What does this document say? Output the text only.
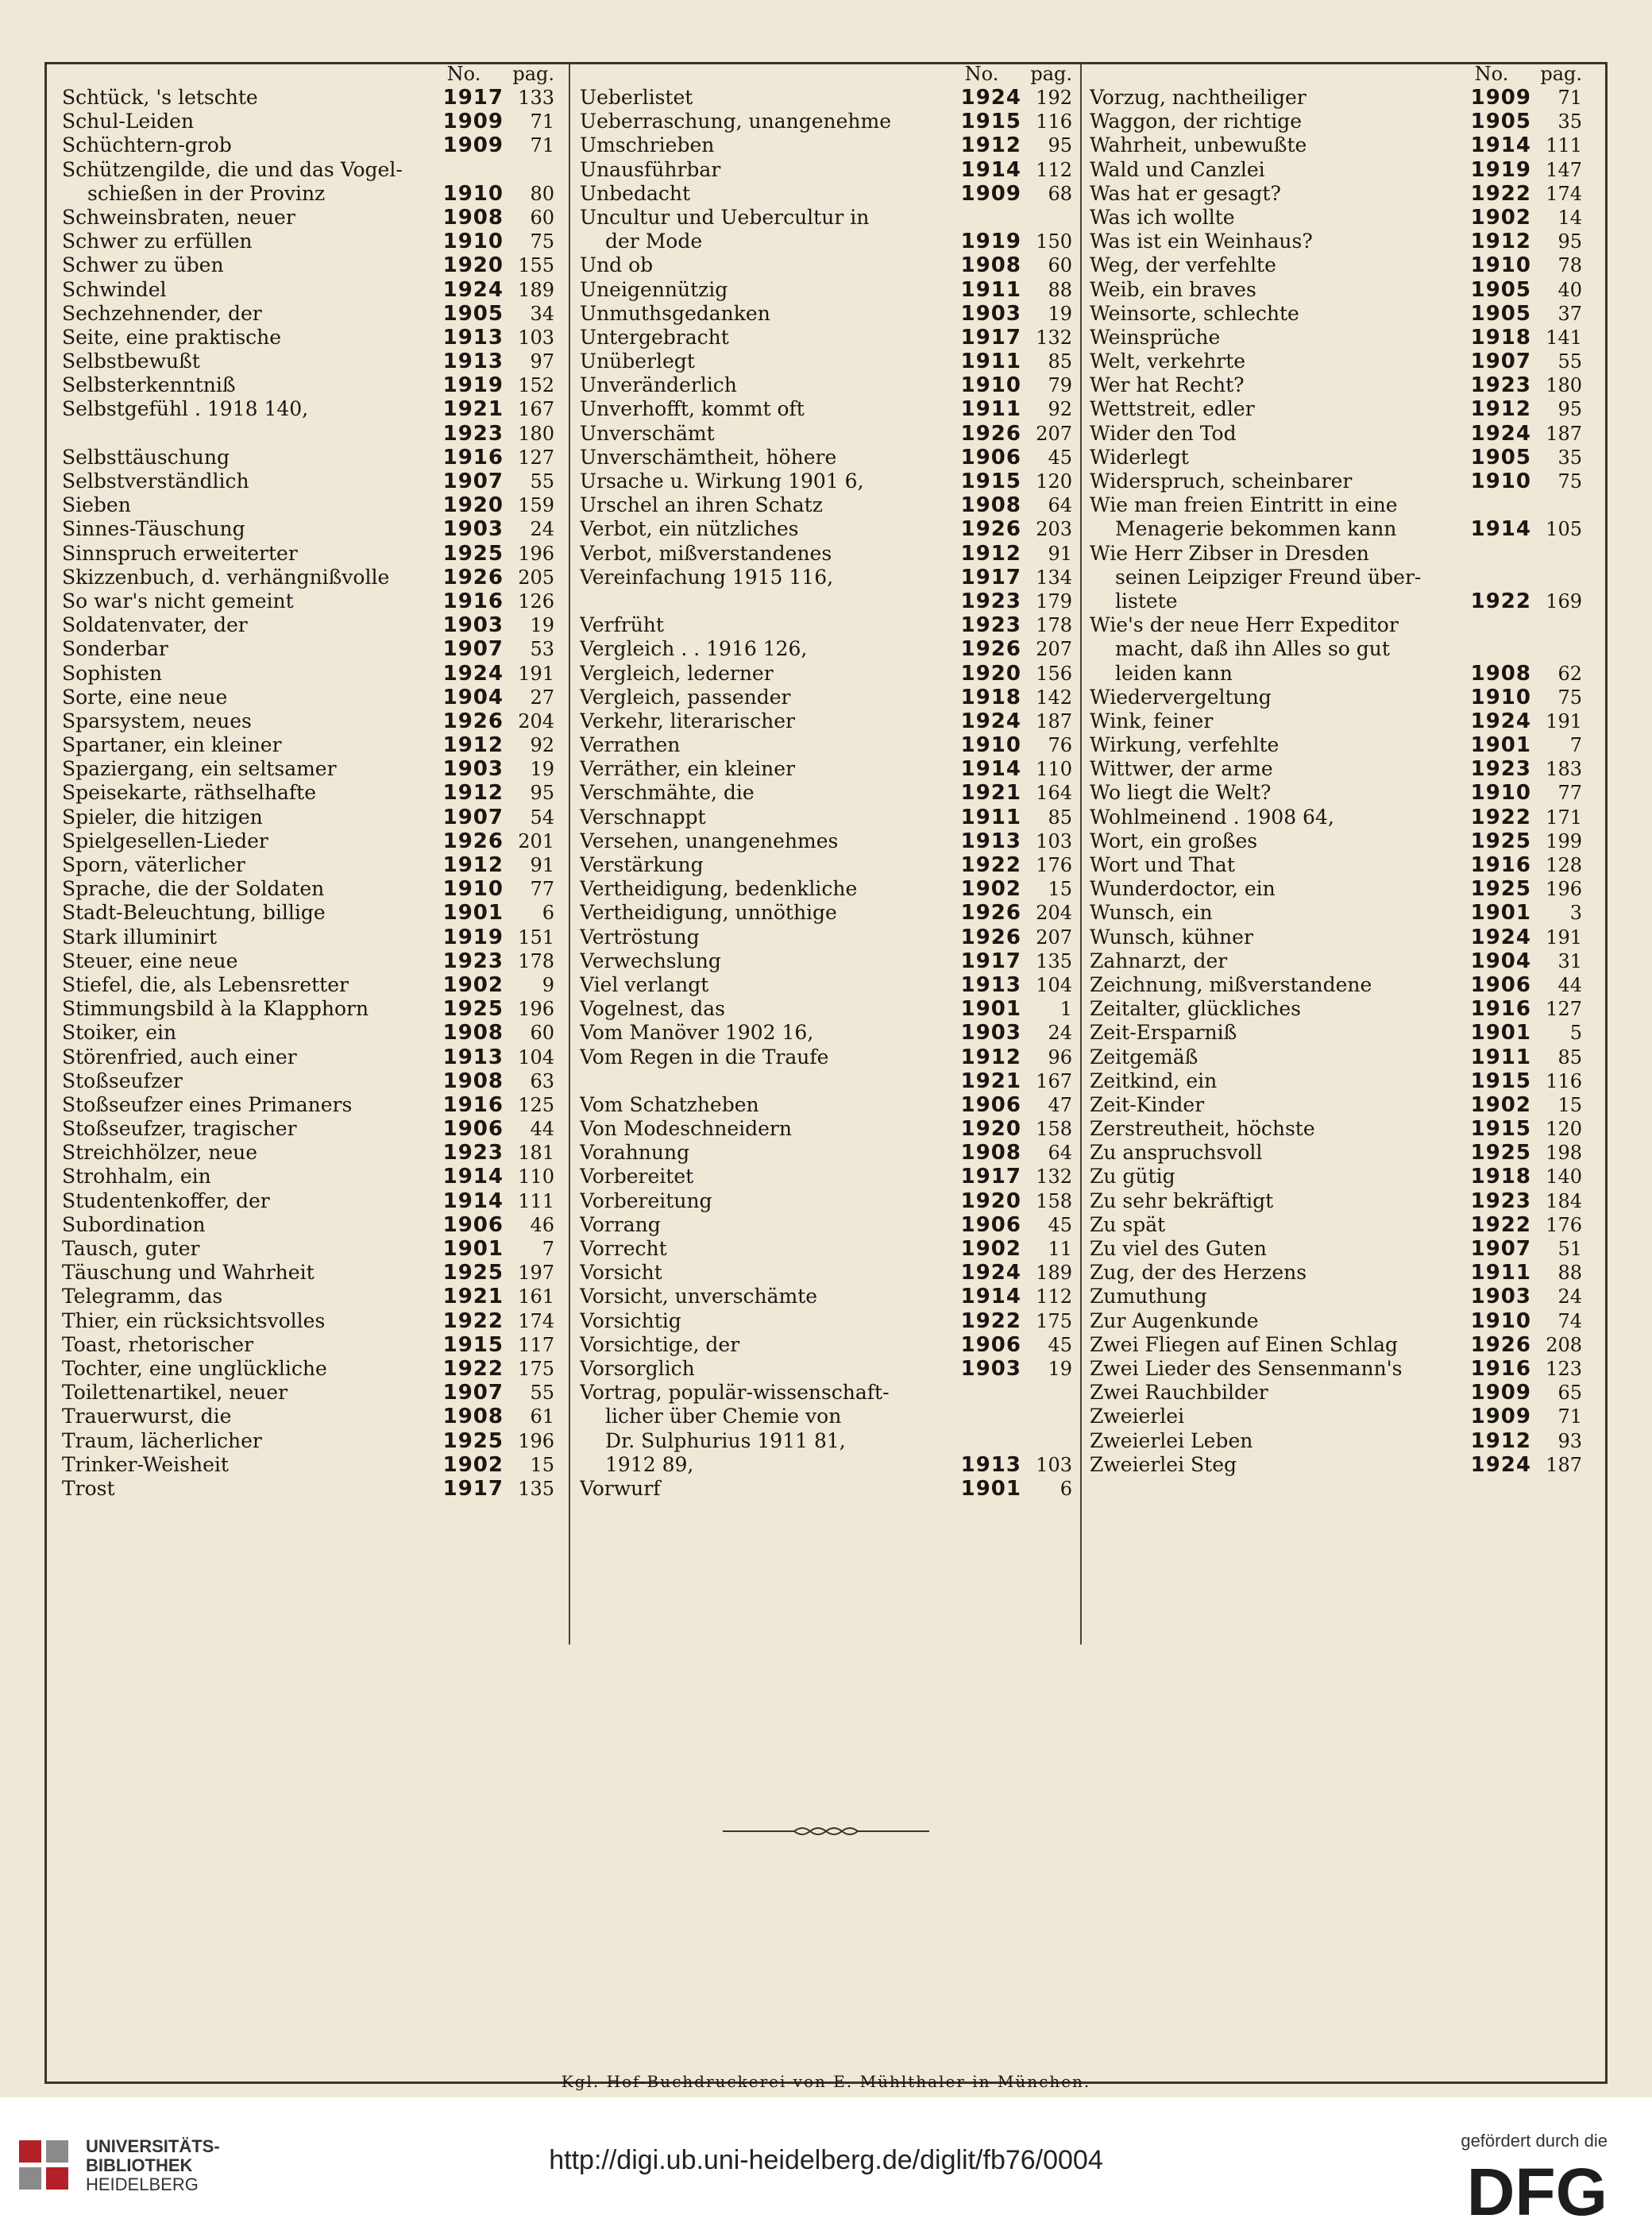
No.	pag.
Schtück, 's letschte	1917 133
Schul-Leiden	1909	71
Schüchtern-grob	1909	71
Schützengilde, die und das Vogel-
schießen in der Provinz	1910	80
Schweinsbraten, neuer	1908	60
Schwer zu erfüllen	1910	75
Schwer zu üben	1920 155
Schwindel	1924 189
Sechzehnender, der	1905	34
Seite, eine praktische	1913 103
Selbstbewußt	1913	97
Selbsterkenntniß	1919 152
Selbstgefühl . 1918 140,	1921 167
1923 180
Selbsttäuschung	1916 127
Selbstverständlich	1907	55
Sieben	1920 159
Sinnes-Täuschung	1903	24
Sinnspruch erweiterter	1925 196
Skizzenbuch, d. verhängnißvolle	1926 205
So war's nicht gemeint	1916 126
Soldatenvater, der	1903	19
Sonderbar	1907	53
Sophisten	1924 191
Sorte, eine neue	1904	27
Sparsystem, neues	1926 204
Spartaner, ein kleiner	1912	92
Spaziergang, ein seltsamer	1903	19
Speisekarte, räthselhafte	1912	95
Spieler, die hitzigen	1907	54
Spielgesellen-Lieder	1926 201
Sporn, väterlicher	1912	91
Sprache, die der Soldaten	1910	77
Stadt-Beleuchtung, billige	1901	6
Stark illuminirt	1919 151
Steuer, eine neue	1923 178
Stiefel, die, als Lebensretter	1902	9
Stimmungsbild à la Klapphorn	1925 196
Stoiker, ein	1908	60
Störenfried, auch einer	1913 104
Stoßseufzer	1908	63
Stoßseufzer eines Primaners	1916 125
Stoßseufzer, tragischer	1906	44
Streichhölzer, neue	1923 181
Strohhalm, ein	1914 110
Studentenkoffer, der	1914 111
Subordination	1906	46
Tausch, guter	1901	7
Täuschung und Wahrheit	1925 197
Telegramm, das	1921 161
Thier, ein rücksichtsvolles	1922 174
Toast, rhetorischer	1915 117
Tochter, eine unglückliche	1922 175
Toilettenartikel, neuer	1907	55
Trauerwurst, die	1908	61
Traum, lächerlicher	1925 196
Trinker-Weisheit	1902	15
Trost	1917 135
No.	pag.
Ueberlistet	1924 192
Ueberraschung, unangenehme	1915 116
Umschrieben	1912	95
Unausführbar	1914 112
Unbedacht	1909	68
Uncultur und Uebercultur in
der Mode	1919 150
Und ob	1908	60
Uneigennützig	1911	88
Unmuthsgedanken	1903	19
Untergebracht	1917 132
Unüberlegt	1911	85
Unveränderlich	1910	79
Unverhofft, kommt oft	1911	92
Unverschämt	1926 207
Unverschämtheit, höhere	1906	45
Ursache u. Wirkung 1901 6,	1915 120
Urschel an ihren Schatz	1908	64
Verbot, ein nützliches	1926 203
Verbot, mißverstandenes	1912	91
Vereinfachung 1915 116,	1917 134
1923 179
Verfrüht	1923 178
Vergleich . . 1916 126,	1926 207
Vergleich, lederner	1920 156
Vergleich, passender	1918 142
Verkehr, literarischer	1924 187
Verrathen	1910	76
Verräther, ein kleiner	1914 110
Verschmähte, die	1921 164
Verschnappt	1911	85
Versehen, unangenehmes	1913 103
Verstärkung	1922 176
Vertheidigung, bedenkliche	1902	15
Vertheidigung, unnöthige	1926 204
Vertröstung	1926 207
Verwechslung	1917 135
Viel verlangt	1913 104
Vogelnest, das	1901	1
Vom Manöver 1902 16,	1903	24
Vom Regen in die Traufe	1912	96
1921 167
Vom Schatzheben	1906	47
Von Modeschneidern	1920 158
Vorahnung	1908	64
Vorbereitet	1917 132
Vorbereitung	1920 158
Vorrang	1906	45
Vorrecht	1902	11
Vorsicht	1924 189
Vorsicht, unverschämte	1914 112
Vorsichtig	1922 175
Vorsichtige, der	1906	45
Vorsorglich	1903	19
Vortrag, populär-wissenschaft-
licher über Chemie von
Dr. Sulphurius 1911 81,
1912 89,	1913 103
Vorwurf	1901	6
No.	pag.
Vorzug, nachtheiliger	1909	71
Waggon, der richtige	1905	35
Wahrheit, unbewußte	1914 111
Wald und Canzlei	1919 147
Was hat er gesagt?	1922 174
Was ich wollte	1902	14
Was ist ein Weinhaus?	1912	95
Weg, der verfehlte	1910	78
Weib, ein braves	1905	40
Weinsorte, schlechte	1905	37
Weinsprüche	1918 141
Welt, verkehrte	1907	55
Wer hat Recht?	1923 180
Wettstreit, edler	1912	95
Wider den Tod	1924 187
Widerlegt	1905	35
Widerspruch, scheinbarer	1910	75
Wie man freien Eintritt in eine
Menagerie bekommen kann	1914 105
Wie Herr Zibser in Dresden
seinen Leipziger Freund über-
listete	1922 169
Wie's der neue Herr Expeditor
macht, daß ihn Alles so gut
leiden kann	1908	62
Wiedervergeltung	1910	75
Wink, feiner	1924 191
Wirkung, verfehlte	1901	7
Wittwer, der arme	1923 183
Wo liegt die Welt?	1910	77
Wohlmeinend . 1908 64,	1922 171
Wort, ein großes	1925 199
Wort und That	1916 128
Wunderdoctor, ein	1925 196
Wunsch, ein	1901	3
Wunsch, kühner	1924 191
Zahnarzt, der	1904	31
Zeichnung, mißverstandene	1906	44
Zeitalter, glückliches	1916 127
Zeit-Ersparniß	1901	5
Zeitgemäß	1911	85
Zeitkind, ein	1915 116
Zeit-Kinder	1902	15
Zerstreutheit, höchste	1915 120
Zu anspruchsvoll	1925 198
Zu gütig	1918 140
Zu sehr bekräftigt	1923 184
Zu spät	1922 176
Zu viel des Guten	1907	51
Zug, der des Herzens	1911	88
Zumuthung	1903	24
Zur Augenkunde	1910	74
Zwei Fliegen auf Einen Schlag	1926 208
Zwei Lieder des Sensenmann's	1916 123
Zwei Rauchbilder	1909	65
Zweierlei	1909	71
Zweierlei Leben	1912	93
Zweierlei Steg	1924 187
Kgl. Hof-Buchdruckerei von E. Mühlthaler in München.
UNIVERSITÄTS-
BIBLIOTHEK
HEIDELBERG
http://digi.ub.uni-heidelberg.de/diglit/fb76/0004
gefördert durch die
DFG
